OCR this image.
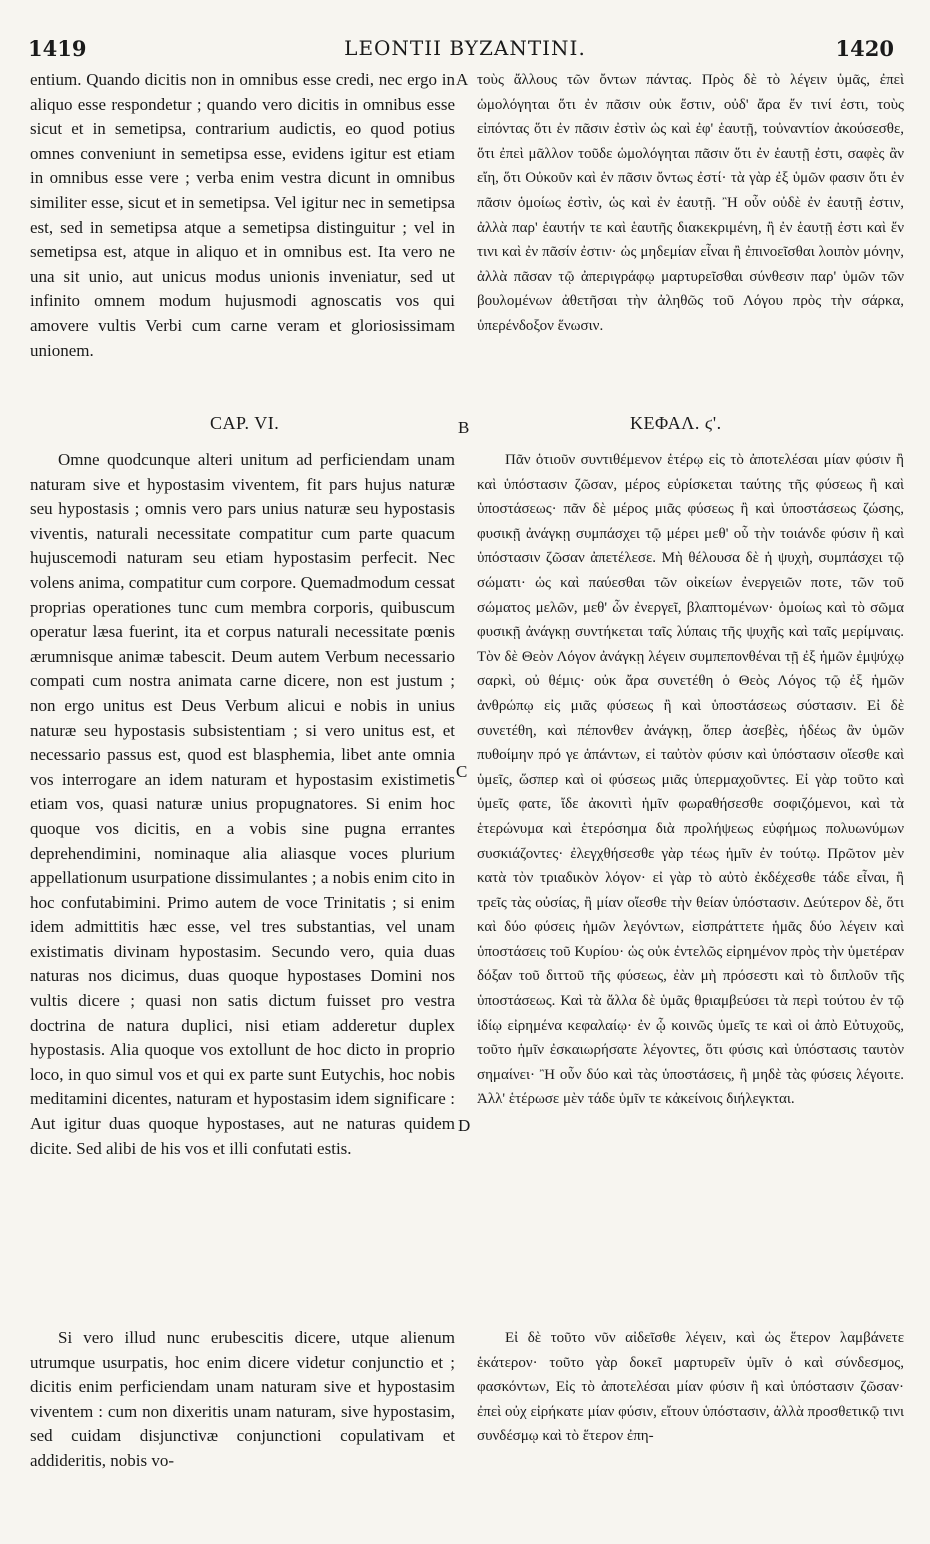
1419	LEONTII BYZANTINI.	1420
A
B
C
D

entium. Quando dicitis non in omnibus esse credi, nec ergo in aliquo esse respondetur ; quando vero dicitis in omnibus esse sicut et in semetipsa, contrarium audictis, eo quod potius omnes conveniunt in semetipsa esse, evidens igitur est etiam in omnibus esse vere ; verba enim vestra dicunt in omnibus similiter esse, sicut et in semetipsa. Vel igitur nec in semetipsa est, sed in semetipsa atque a semetipsa distinguitur ; vel in semetipsa est, atque in aliquo et in omnibus est. Ita vero ne una sit unio, aut unicus modus unionis inveniatur, sed ut infinito omnem modum hujusmodi agnoscatis vos qui amovere vultis Verbi cum carne veram et gloriosissimam unionem.

CAP. VI.

Omne quodcunque alteri unitum ad perficiendam unam naturam sive et hypostasim viventem, fit pars hujus naturæ seu hypostasis ; omnis vero pars unius naturæ seu hypostasis viventis, naturali necessitate compatitur cum parte quacum hujuscemodi naturam seu etiam hypostasim perfecit. Nec volens anima, compatitur cum corpore. Quemadmodum cessat proprias operationes tunc cum membra corporis, quibuscum operatur læsa fuerint, ita et corpus naturali necessitate pœnis ærumnisque animæ tabescit. Deum autem Verbum necessario compati cum nostra animata carne dicere, non est justum ; non ergo unitus est Deus Verbum alicui e nobis in unius naturæ seu hypostasis subsistentiam ; si vero unitus est, et necessario passus est, quod est blasphemia, libet ante omnia vos interrogare an idem naturam et hypostasim existimetis etiam vos, quasi naturæ unius propugnatores. Si enim hoc quoque vos dicitis, en a vobis sine pugna errantes deprehendimini, nominaque alia aliasque voces plurium appellationum usurpatione dissimulantes ; a nobis enim cito in hoc confutabimini. Primo autem de voce Trinitatis ; si enim idem admittitis hæc esse, vel tres substantias, vel unam existimatis divinam hypostasim. Secundo vero, quia duas naturas nos dicimus, duas quoque hypostases Domini nos vultis dicere ; quasi non satis dictum fuisset pro vestra doctrina de natura duplici, nisi etiam adderetur duplex hypostasis. Alia quoque vos extollunt de hoc dicto in proprio loco, in quo simul vos et qui ex parte sunt Eutychis, hoc nobis meditamini dicentes, naturam et hypostasim idem significare : Aut igitur duas quoque hypostases, aut ne naturas quidem dicite. Sed alibi de his vos et illi confutati estis.

Si vero illud nunc erubescitis dicere, utque alienum utrumque usurpatis, hoc enim dicere videtur conjunctio et ; dicitis enim perficiendam unam naturam sive et hypostasim viventem : cum non dixeritis unam naturam, sive hypostasim, sed cuidam disjunctivæ conjunctioni copulativam et addideritis, nobis vo-

τοὺς ἄλλους τῶν ὄντων πάντας. Πρὸς δὲ τὸ λέγειν ὑμᾶς, ἐπεὶ ὡμολόγηται ὅτι ἐν πᾶσιν οὐκ ἔστιν, οὐδ' ἄρα ἔν τινί ἐστι, τοὺς εἰπόντας ὅτι ἐν πᾶσιν ἐστὶν ὡς καὶ ἐφ' ἑαυτῇ, τοὐναντίον ἀκούσεσθε, ὅτι ἐπεὶ μᾶλλον τοῦδε ὡμολόγηται πᾶσιν ὅτι ἐν ἑαυτῇ ἐστι, σαφὲς ἂν εἴη, ὅτι Οὐκοῦν καὶ ἐν πᾶσιν ὄντως ἐστί· τὰ γὰρ ἐξ ὑμῶν φασιν ὅτι ἐν πᾶσιν ὁμοίως ἐστὶν, ὡς καὶ ἐν ἑαυτῇ. Ἢ οὖν οὐδὲ ἐν ἑαυτῇ ἐστιν, ἀλλὰ παρ' ἑαυτήν τε καὶ ἑαυτῆς διακεκριμένη, ἢ ἐν ἑαυτῇ ἐστι καὶ ἔν τινι καὶ ἐν πᾶσίν ἐστιν· ὡς μηδεμίαν εἶναι ἢ ἐπινοεῖσθαι λοιπὸν μόνην, ἀλλὰ πᾶσαν τῷ ἀπεριγράφῳ μαρτυρεῖσθαι σύνθεσιν παρ' ὑμῶν τῶν βουλομένων ἀθετῆσαι τὴν ἀληθῶς τοῦ Λόγου πρὸς τὴν σάρκα, ὑπερένδοξον ἕνωσιν.

ΚΕΦΑΛ. ϛ'.

Πᾶν ὁτιοῦν συντιθέμενον ἑτέρῳ εἰς τὸ ἀποτελέσαι μίαν φύσιν ἢ καὶ ὑπόστασιν ζῶσαν, μέρος εὑρίσκεται ταύτης τῆς φύσεως ἢ καὶ ὑποστάσεως· πᾶν δὲ μέρος μιᾶς φύσεως ἢ καὶ ὑποστάσεως ζώσης, φυσικῇ ἀνάγκῃ συμπάσχει τῷ μέρει μεθ' οὗ τὴν τοιάνδε φύσιν ἢ καὶ ὑπόστασιν ζῶσαν ἀπετέλεσε. Μὴ θέλουσα δὲ ἡ ψυχὴ, συμπάσχει τῷ σώματι· ὡς καὶ παύεσθαι τῶν οἰκείων ἐνεργειῶν ποτε, τῶν τοῦ σώματος μελῶν, μεθ' ὧν ἐνεργεῖ, βλαπτομένων· ὁμοίως καὶ τὸ σῶμα φυσικῇ ἀνάγκῃ συντήκεται ταῖς λύπαις τῆς ψυχῆς καὶ ταῖς μερίμναις. Τὸν δὲ Θεὸν Λόγον ἀνάγκῃ λέγειν συμπεπονθέναι τῇ ἐξ ἡμῶν ἐμψύχῳ σαρκὶ, οὐ θέμις· οὐκ ἄρα συνετέθη ὁ Θεὸς Λόγος τῷ ἐξ ἡμῶν ἀνθρώπῳ εἰς μιᾶς φύσεως ἢ καὶ ὑποστάσεως σύστασιν. Εἰ δὲ συνετέθη, καὶ πέπονθεν ἀνάγκῃ, ὅπερ ἀσεβὲς, ἡδέως ἂν ὑμῶν πυθοίμην πρό γε ἁπάντων, εἰ ταὐτὸν φύσιν καὶ ὑπόστασιν οἴεσθε καὶ ὑμεῖς, ὥσπερ καὶ οἱ φύσεως μιᾶς ὑπερμαχοῦντες. Εἰ γὰρ τοῦτο καὶ ὑμεῖς φατε, ἴδε ἀκονιτὶ ἡμῖν φωραθήσεσθε σοφιζόμενοι, καὶ τὰ ἑτερώνυμα καὶ ἑτερόσημα διὰ προλήψεως εὐφήμως πολυωνύμων συσκιάζοντες· ἐλεγχθήσεσθε γὰρ τέως ἡμῖν ἐν τούτῳ. Πρῶτον μὲν κατὰ τὸν τριαδικὸν λόγον· εἰ γὰρ τὸ αὐτὸ ἐκδέχεσθε τάδε εἶναι, ἢ τρεῖς τὰς οὐσίας, ἢ μίαν οἴεσθε τὴν θείαν ὑπόστασιν. Δεύτερον δὲ, ὅτι καὶ δύο φύσεις ἡμῶν λεγόντων, εἰσπράττετε ἡμᾶς δύο λέγειν καὶ ὑποστάσεις τοῦ Κυρίου· ὡς οὐκ ἐντελῶς εἰρημένον πρὸς τὴν ὑμετέραν δόξαν τοῦ διττοῦ τῆς φύσεως, ἐὰν μὴ πρόσεστι καὶ τὸ διπλοῦν τῆς ὑποστάσεως. Καὶ τὰ ἄλλα δὲ ὑμᾶς θριαμβεύσει τὰ περὶ τούτου ἐν τῷ ἰδίῳ εἰρημένα κεφαλαίῳ· ἐν ᾧ κοινῶς ὑμεῖς τε καὶ οἱ ἀπὸ Εὐτυχοῦς, τοῦτο ἡμῖν ἐσκαιωρήσατε λέγοντες, ὅτι φύσις καὶ ὑπόστασις ταυτὸν σημαίνει· Ἢ οὖν δύο καὶ τὰς ὑποστάσεις, ἢ μηδὲ τὰς φύσεις λέγοιτε. Ἀλλ' ἑτέρωσε μὲν τάδε ὑμῖν τε κἀκείνοις διήλεγκται.

Εἰ δὲ τοῦτο νῦν αἰδεῖσθε λέγειν, καὶ ὡς ἕτερον λαμβάνετε ἑκάτερον· τοῦτο γὰρ δοκεῖ μαρτυρεῖν ὑμῖν ὁ καὶ σύνδεσμος, φασκόντων, Εἰς τὸ ἀποτελέσαι μίαν φύσιν ἢ καὶ ὑπόστασιν ζῶσαν· ἐπεὶ οὐχ εἰρήκατε μίαν φύσιν, εἴτουν ὑπόστασιν, ἀλλὰ προσθετικῷ τινι συνδέσμῳ καὶ τὸ ἕτερον ἐπη-
